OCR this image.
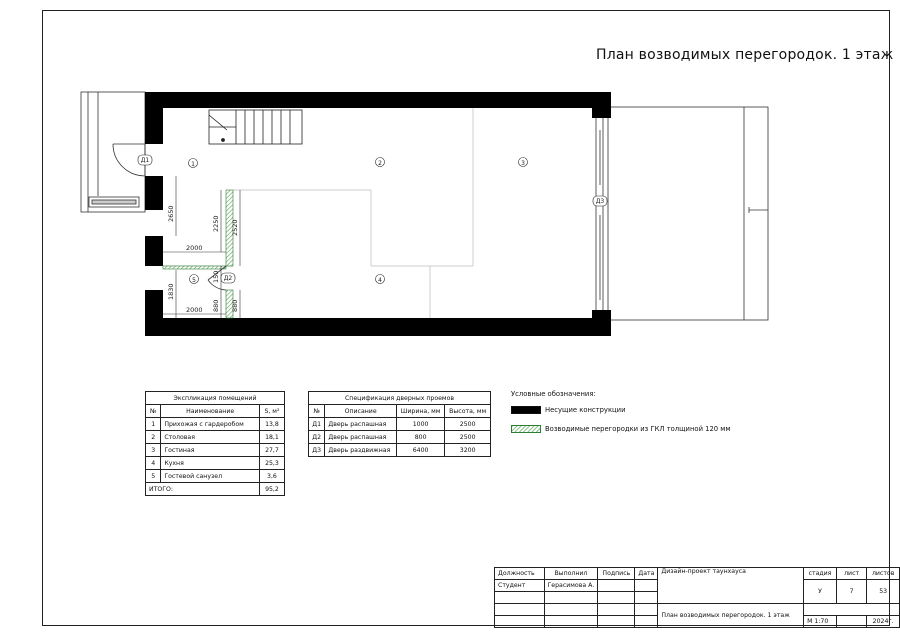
План возводимых перегородок. 1 этаж
1	2	3
4
5
Д1
Д2
Д3
2650
2000
2250 2520
150
1830
880 880
2000
Экспликация помещений		
№	Наименование	S, м²
1	Прихожая с гардеробом	13,8
2	Столовая	18,1
3	Гостиная	27,7
4	Кухня	25,3
5	Гостевой санузел	3,6
ИТОГО:		95,2
Спецификация дверных проемов			
№	Описание	Ширина, мм	Высота, мм
Д1	Дверь распашная	1000	2500
Д2	Дверь распашная	800	2500
Д3	Дверь раздвижная	6400	3200
Условные обозначения:
Несущие конструкции
Возводимые перегородки из ГКЛ толщиной 120 мм
Должность	Выполнил	Подпись	Дата	Дизайн-проект таунхауса	стадия	лист	листов
Студент	Герасимова А.				У	7	53

				План возводимых перегородок. 1 этаж			
					М 1:70		2024г.
